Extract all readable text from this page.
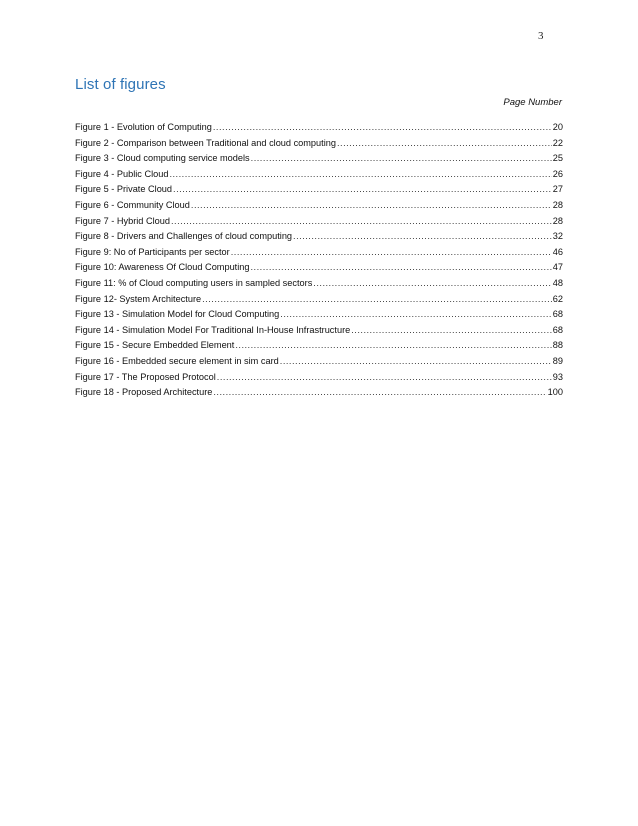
3
List of figures
Page Number
Figure 1 - Evolution of Computing .....	20
Figure 2 - Comparison between Traditional and cloud computing .....	22
Figure 3 - Cloud computing service models .....	25
Figure 4 - Public Cloud .....	26
Figure 5 - Private Cloud .....	27
Figure 6 - Community Cloud .....	28
Figure 7 - Hybrid Cloud .....	28
Figure 8 - Drivers and Challenges of cloud computing .....	32
Figure 9: No of Participants per sector .....	46
Figure 10: Awareness Of Cloud Computing .....	47
Figure 11: % of Cloud computing users in sampled sectors .....	48
Figure 12- System Architecture .....	62
Figure 13 - Simulation Model for Cloud Computing .....	68
Figure 14 - Simulation Model For Traditional In-House Infrastructure .....	68
Figure 15 - Secure Embedded Element .....	88
Figure 16 - Embedded secure element in sim card .....	89
Figure 17 - The Proposed Protocol .....	93
Figure 18 - Proposed Architecture .....	100
